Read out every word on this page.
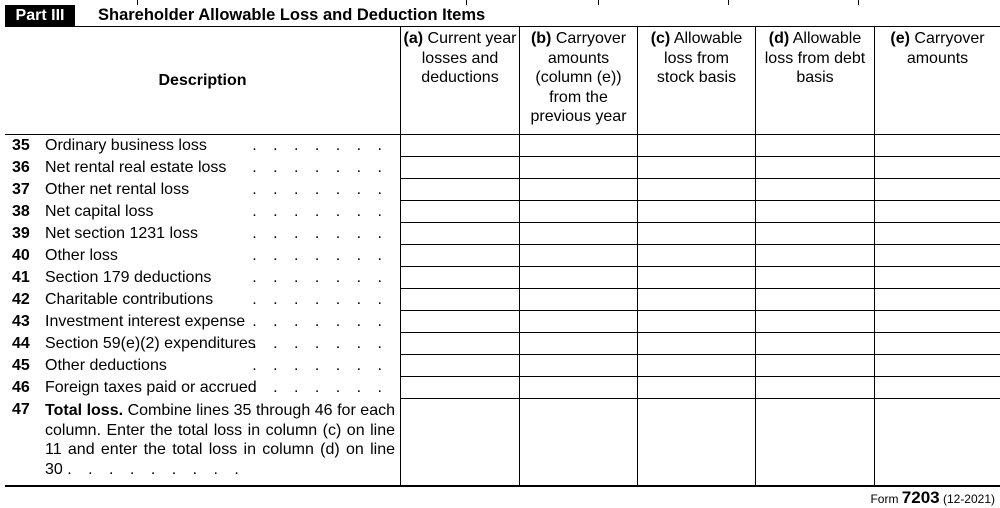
Part III	Shareholder Allowable Loss and Deduction Items
Description
(a) Current year losses and deductions
(b) Carryover amounts (column (e)) from the previous year
(c) Allowable loss from stock basis
(d) Allowable loss from debt basis
(e) Carryover amounts
35 Ordinary business loss	. . . . . . .
36 Net rental real estate loss . . . . . . .
37 Other net rental loss	. . . . . . .
38 Net capital loss	. . . . . . .
39 Net section 1231 loss	. . . . . . .
40 Other loss	. . . . . . .
41 Section 179 deductions	. . . . . . .
42 Charitable contributions . . . . . . .
43 Investment interest expense . . . . . . .
44 Section 59(e)(2) expenditures
. . . . . . .
45 Other deductions	. . . . . . .
46 Foreign taxes paid or accrued
. . . . . . .
47 Total loss. Combine lines 35 through 46 for each column. Enter the total loss in column (c) on line 11 and enter the total loss in column (d) on line 30 . . . . . . . . .
Form 7203 (12-2021)
